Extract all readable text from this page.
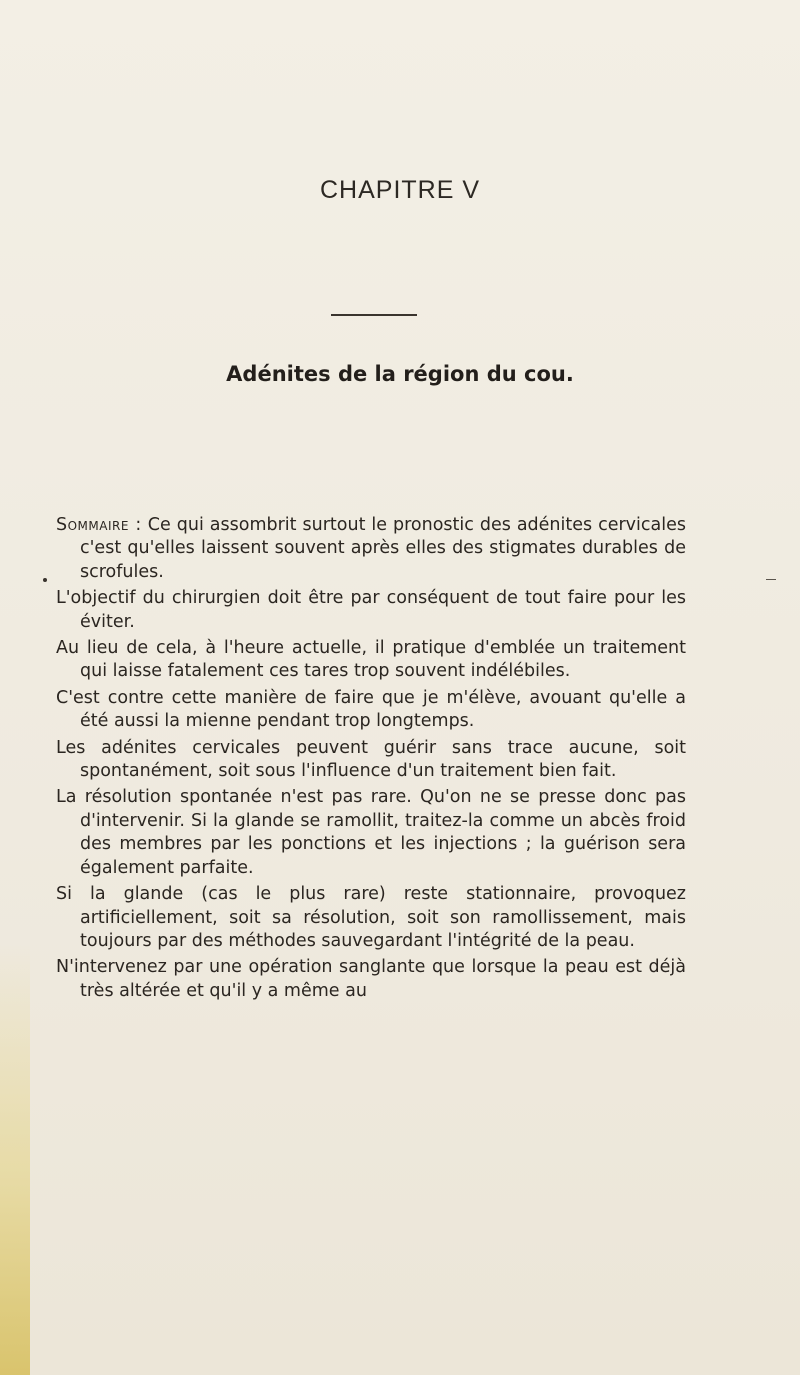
CHAPITRE V
Adénites de la région du cou.

Sommaire : Ce qui assombrit surtout le pronostic des adénites cervicales c'est qu'elles laissent souvent après elles des stigmates durables de scrofules.

L'objectif du chirurgien doit être par conséquent de tout faire pour les éviter.

Au lieu de cela, à l'heure actuelle, il pratique d'emblée un traitement qui laisse fatalement ces tares trop souvent indélébiles.

C'est contre cette manière de faire que je m'élève, avouant qu'elle a été aussi la mienne pendant trop longtemps.

Les adénites cervicales peuvent guérir sans trace aucune, soit spontanément, soit sous l'influence d'un traitement bien fait.

La résolution spontanée n'est pas rare. Qu'on ne se presse donc pas d'intervenir. Si la glande se ramollit, traitez-la comme un abcès froid des membres par les ponctions et les injections ; la guérison sera également parfaite.

Si la glande (cas le plus rare) reste stationnaire, provoquez artificiellement, soit sa résolution, soit son ramollissement, mais toujours par des méthodes sauvegardant l'intégrité de la peau.

N'intervenez par une opération sanglante que lorsque la peau est déjà très altérée et qu'il y a même au
